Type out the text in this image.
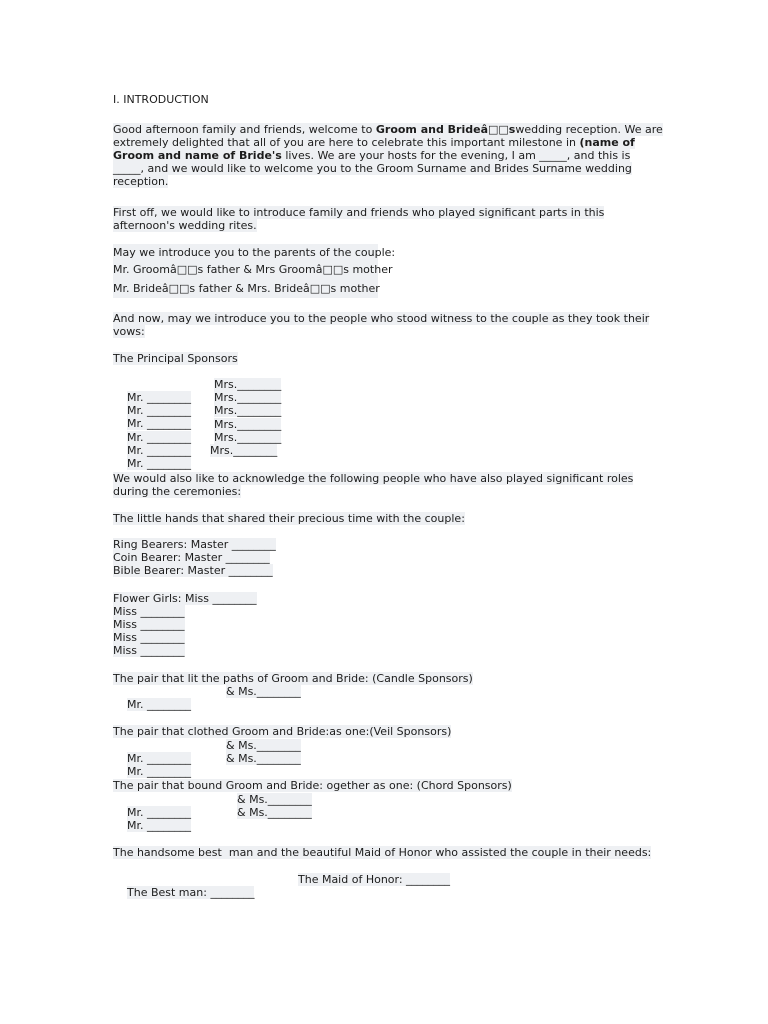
I. INTRODUCTION
Good afternoon family and friends, welcome to Groom and Brideâ□□swedding reception. We are
extremely delighted that all of you are here to celebrate this important milestone in (name of
Groom and name of Bride's lives. We are your hosts for the evening, I am _____, and this is
_____, and we would like to welcome you to the Groom Surname and Brides Surname wedding
reception.
First off, we would like to introduce family and friends who played significant parts in this
afternoon's wedding rites.
May we introduce you to the parents of the couple:
Mr. Groomâ□□s father & Mrs Groomâ□□s mother
Mr. Brideâ□□s father & Mrs. Brideâ□□s mother
And now, may we introduce you to the people who stood witness to the couple as they took their
vows:
The Principal Sponsors

Mr. ________

Mrs.________

Mr. ________

Mrs.________

Mr. ________

Mrs.________

Mr. ________

Mrs.________

Mr. ________

Mrs.________

Mr. ________

Mrs.________

We would also like to acknowledge the following people who have also played significant roles
during the ceremonies:
The little hands that shared their precious time with the couple:
Ring Bearers: Master ________
Coin Bearer: Master ________
Bible Bearer: Master ________
Flower Girls: Miss ________
Miss ________
Miss ________
Miss ________
Miss ________
The pair that lit the paths of Groom and Bride: (Candle Sponsors)

Mr. ________

& Ms.________

The pair that clothed Groom and Bride:as one:(Veil Sponsors)

Mr. ________

& Ms.________

Mr. ________

& Ms.________

The pair that bound Groom and Bride: ogether as one: (Chord Sponsors)

Mr. ________

& Ms.________

Mr. ________

& Ms.________

The handsome best  man and the beautiful Maid of Honor who assisted the couple in their needs:

The Best man: ________

The Maid of Honor: ________
